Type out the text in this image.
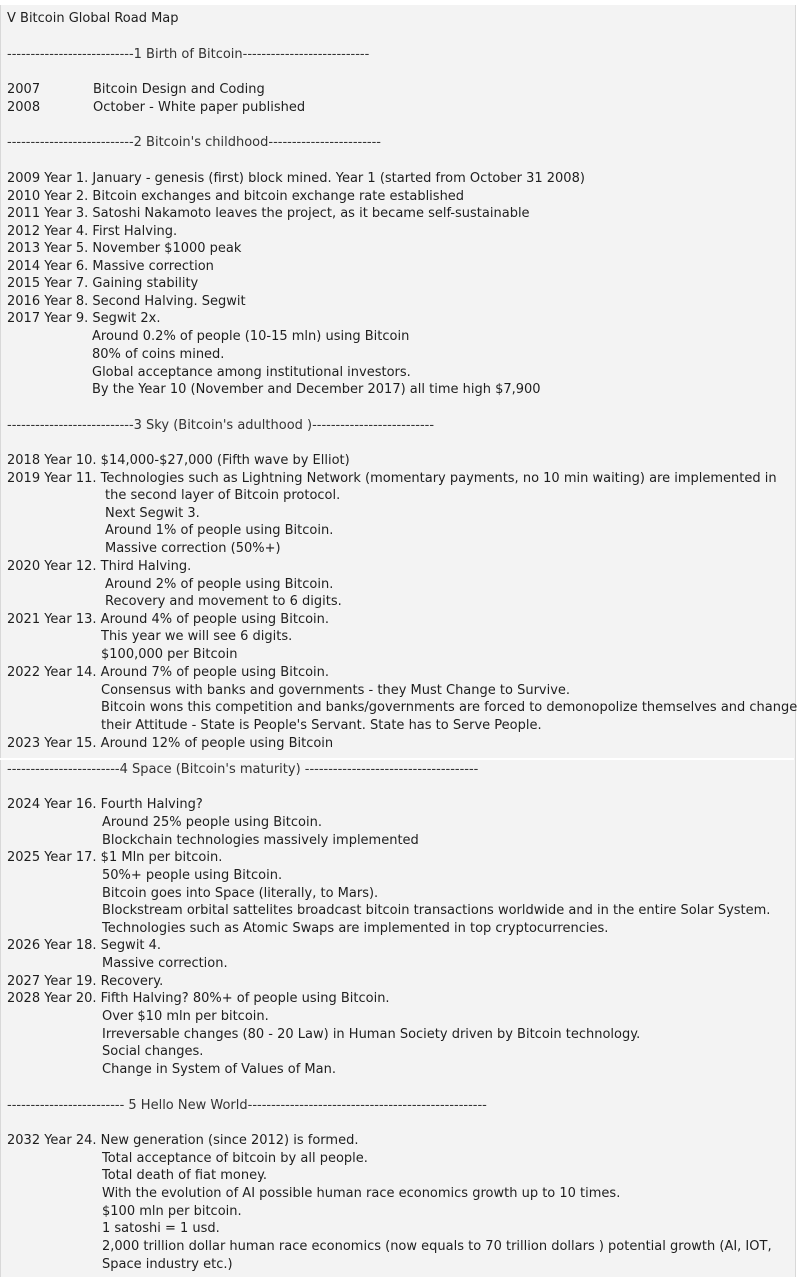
V Bitcoin Global Road Map
---------------------------1 Birth of Bitcoin---------------------------
2007	Bitcoin Design and Coding
2008	October - White paper published
---------------------------2 Bitcoin's childhood------------------------
2009 Year 1. January - genesis (first) block mined. Year 1 (started from October 31 2008)
2010 Year 2. Bitcoin exchanges and bitcoin exchange rate established
2011 Year 3. Satoshi Nakamoto leaves the project, as it became self-sustainable
2012 Year 4. First Halving.
2013 Year 5. November $1000 peak
2014 Year 6. Massive correction
2015 Year 7. Gaining stability
2016 Year 8. Second Halving. Segwit
2017 Year 9. Segwit 2x.
Around 0.2% of people (10-15 mln) using Bitcoin
80% of coins mined.
Global acceptance among institutional investors.
By the Year 10 (November and December 2017) all time high $7,900
---------------------------3 Sky (Bitcoin's adulthood )--------------------------
2018 Year 10. $14,000-$27,000 (Fifth wave by Elliot)
2019 Year 11. Technologies such as Lightning Network (momentary payments, no 10 min waiting) are implemented in
the second layer of Bitcoin protocol.
Next Segwit 3.
Around 1% of people using Bitcoin.
Massive correction (50%+)
2020 Year 12. Third Halving.
Around 2% of people using Bitcoin.
Recovery and movement to 6 digits.
2021 Year 13. Around 4% of people using Bitcoin.
This year we will see 6 digits.
$100,000 per Bitcoin
2022 Year 14. Around 7% of people using Bitcoin.
Consensus with banks and governments - they Must Change to Survive.
Bitcoin wons this competition and banks/governments are forced to demonopolize themselves and change
their Attitude - State is People's Servant. State has to Serve People.
2023 Year 15. Around 12% of people using Bitcoin
------------------------4 Space (Bitcoin's maturity) -------------------------------------
2024 Year 16. Fourth Halving?
Around 25% people using Bitcoin.
Blockchain technologies massively implemented
2025 Year 17. $1 Mln per bitcoin.
50%+ people using Bitcoin.
Bitcoin goes into Space (literally, to Mars).
Blockstream orbital sattelites broadcast bitcoin transactions worldwide and in the entire Solar System.
Technologies such as Atomic Swaps are implemented in top cryptocurrencies.
2026 Year 18. Segwit 4.
Massive correction.
2027 Year 19. Recovery.
2028 Year 20. Fifth Halving? 80%+ of people using Bitcoin.
Over $10 mln per bitcoin.
Irreversable changes (80 - 20 Law) in Human Society driven by Bitcoin technology.
Social changes.
Change in System of Values of Man.
------------------------- 5 Hello New World---------------------------------------------------
2032 Year 24. New generation (since 2012) is formed.
Total acceptance of bitcoin by all people.
Total death of fiat money.
With the evolution of AI possible human race economics growth up to 10 times.
$100 mln per bitcoin.
1 satoshi = 1 usd.
2,000 trillion dollar human race economics (now equals to 70 trillion dollars ) potential growth (AI, IOT,
Space industry etc.)
